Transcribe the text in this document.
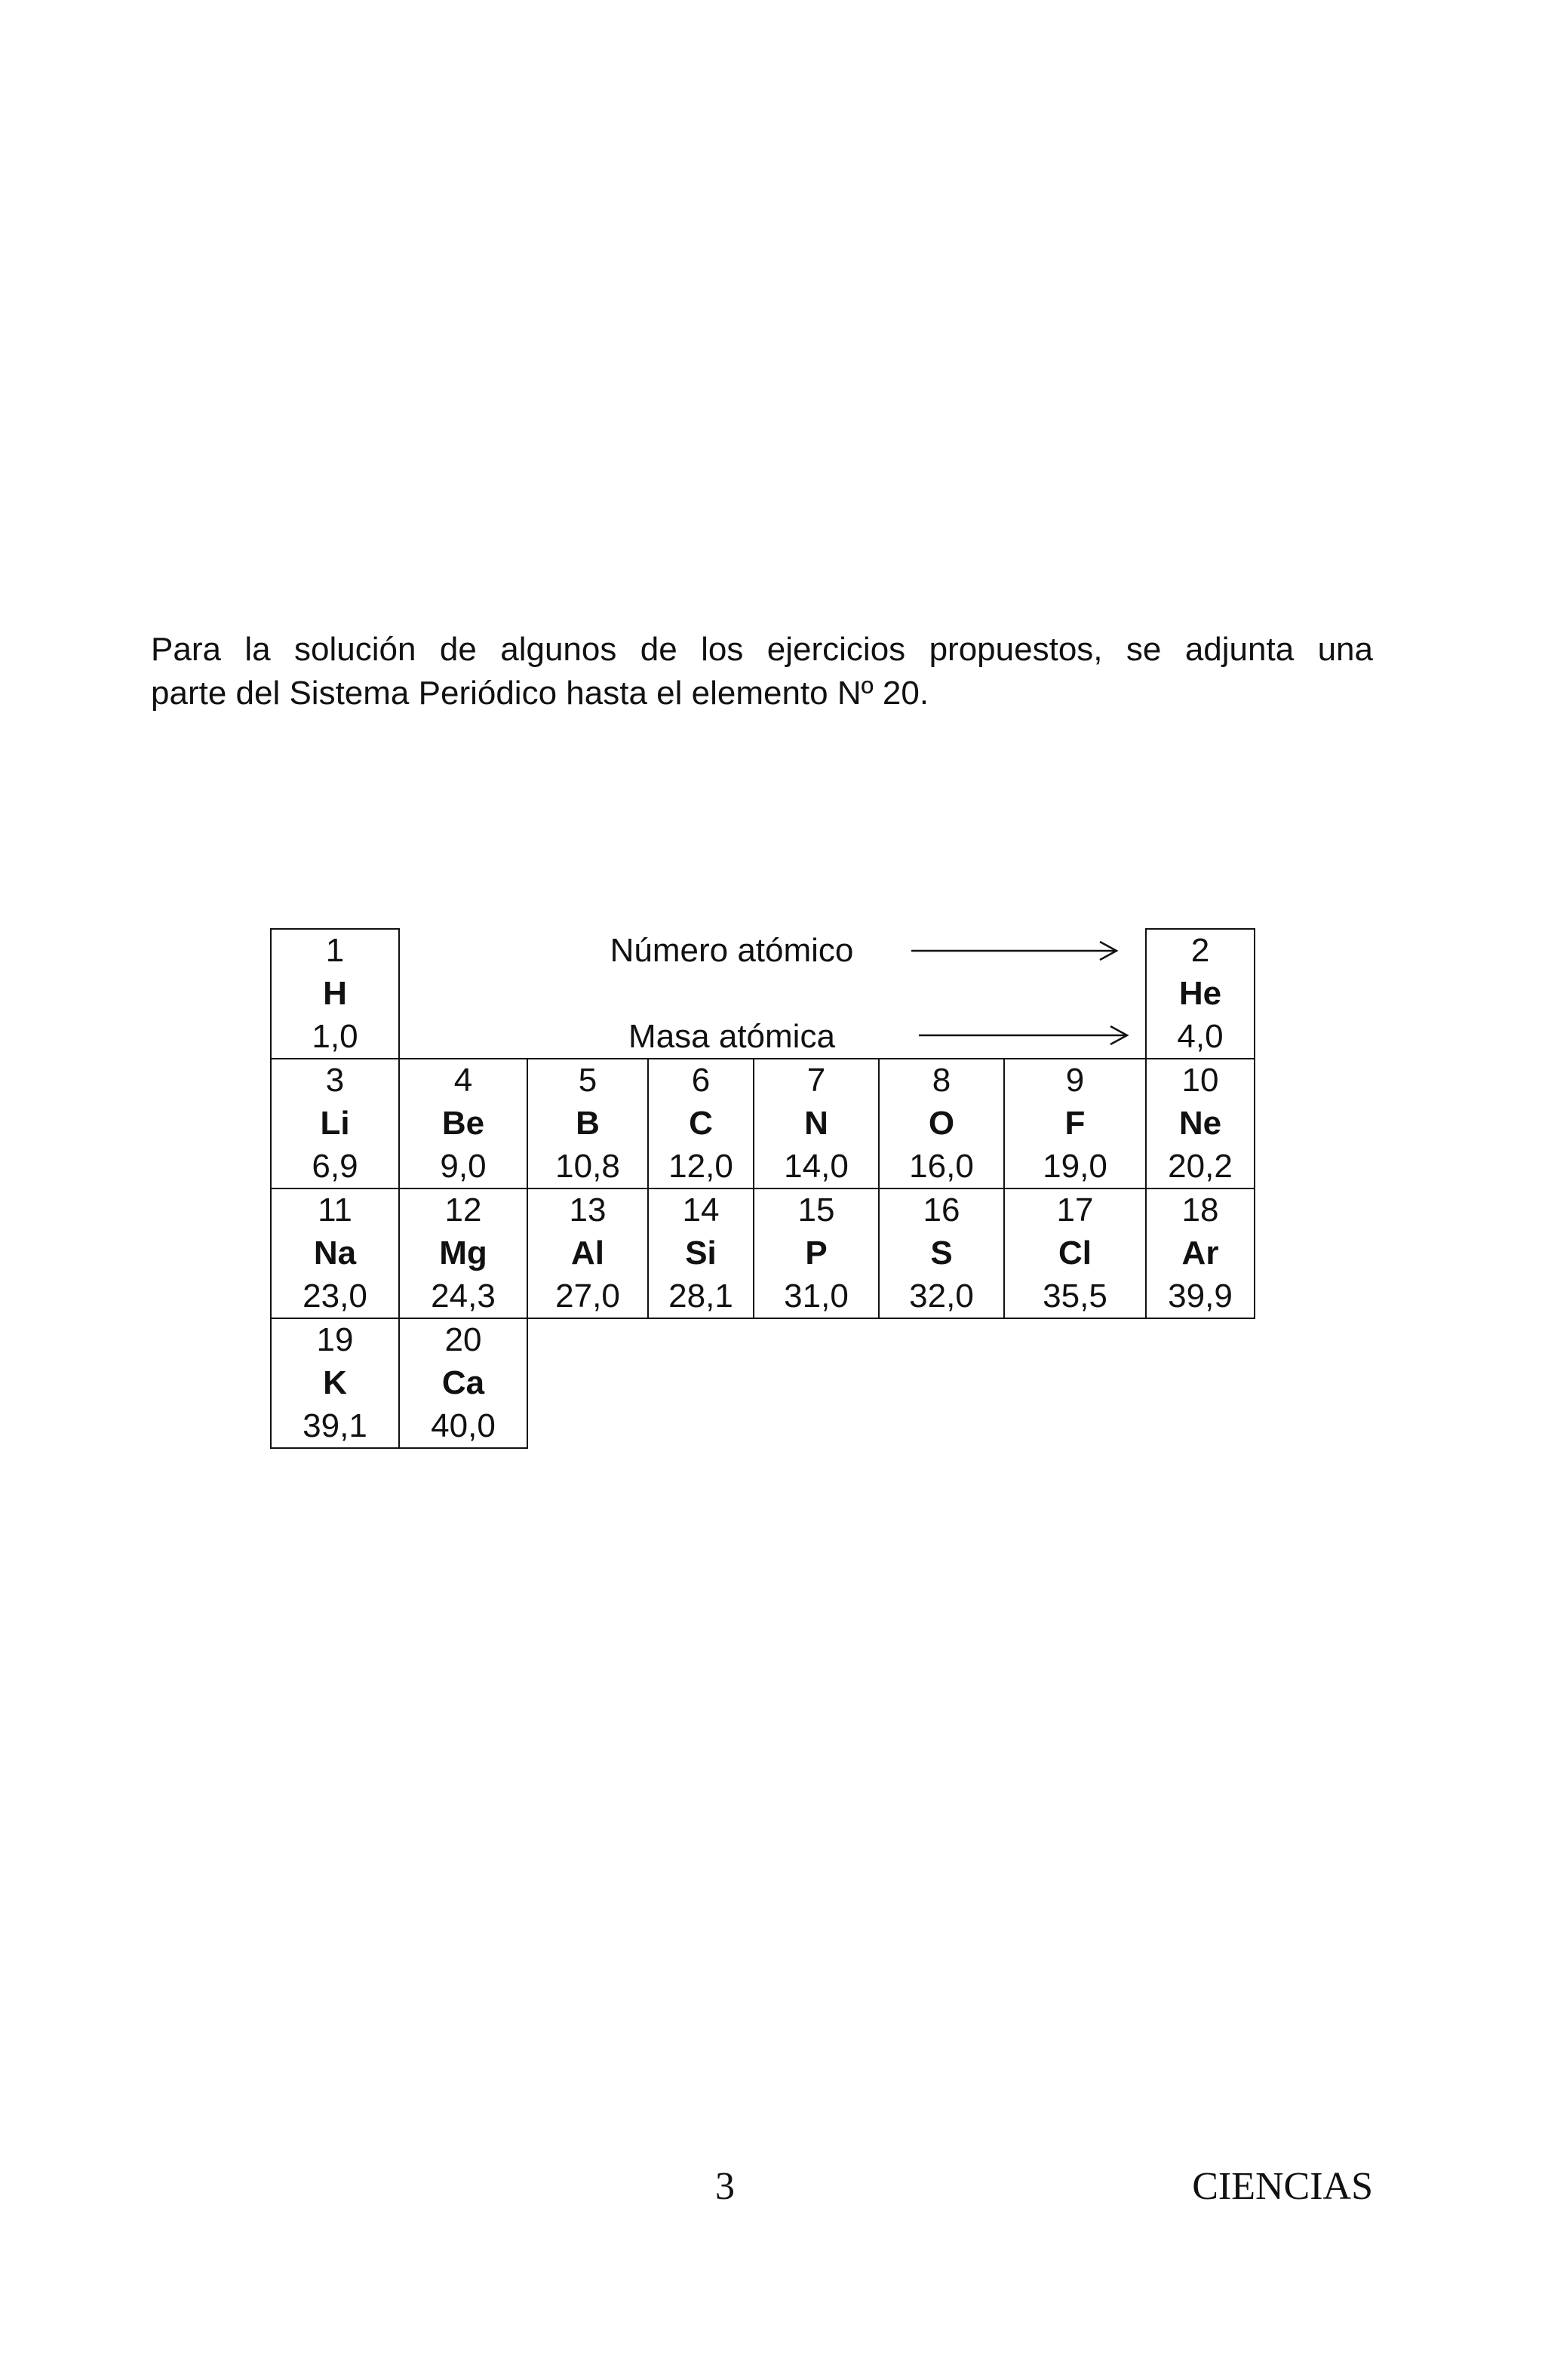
Para la solución de algunos de los ejercicios propuestos, se adjunta una
parte del Sistema Periódico hasta el elemento Nº 20.
1
H
1,0
2
He
4,0
3
Li
6,9
4
Be
9,0
5
B
10,8
6
C
12,0
7
N
14,0
8
O
16,0
9
F
19,0
10
Ne
20,2
11
Na
23,0
12
Mg
24,3
13
Al
27,0
14
Si
28,1
15
P
31,0
16
S
32,0
17
Cl
35,5
18
Ar
39,9
19
K
39,1
20
Ca
40,0
Número atómico
Masa atómica
3	CIENCIAS
